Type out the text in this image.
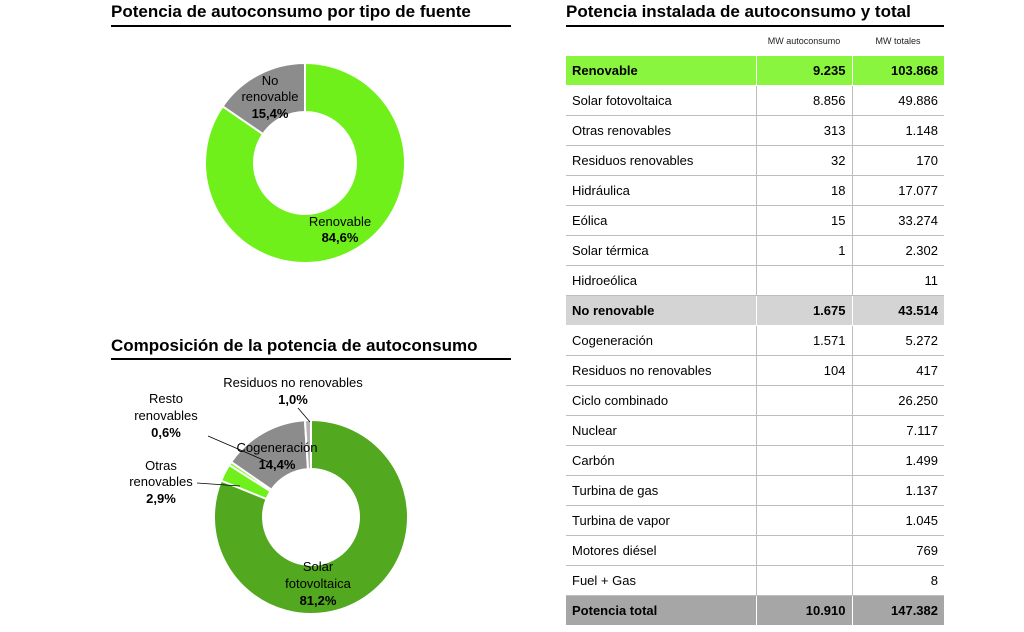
Potencia de autoconsumo por tipo de fuente
Renovable
84,6%
No
renovable
15,4%
Composición de la potencia de autoconsumo
Residuos no renovables
1,0%
Resto
renovables
0,6%
Otras
renovables
2,9%
Cogeneración
14,4%
Solar
fotovoltaica
81,2%
Potencia instalada de autoconsumo y total
	MW autoconsumo	MW totales
Renovable	9.235	103.868
Solar fotovoltaica	8.856	49.886
Otras renovables	313	1.148
Residuos renovables	32	170
Hidráulica	18	17.077
Eólica	15	33.274
Solar térmica	1	2.302
Hidroeólica		11
No renovable	1.675	43.514
Cogeneración	1.571	5.272
Residuos no renovables	104	417
Ciclo combinado		26.250
Nuclear		7.117
Carbón		1.499
Turbina de gas		1.137
Turbina de vapor		1.045
Motores diésel		769
Fuel + Gas		8
Potencia total	10.910	147.382
